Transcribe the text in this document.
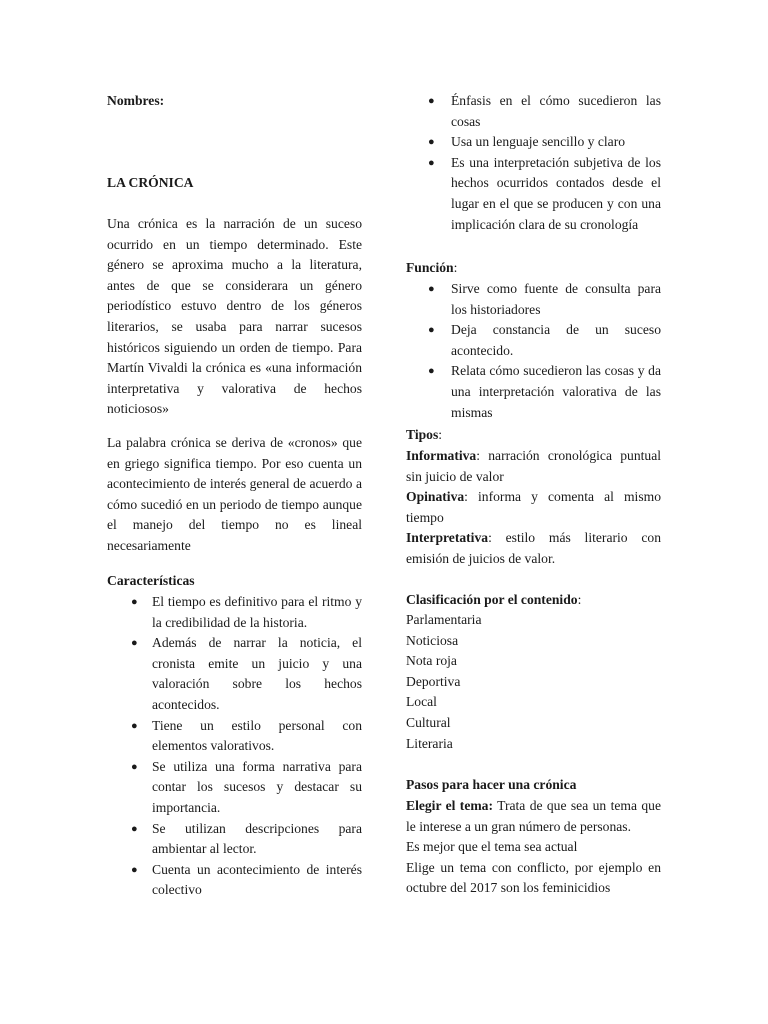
Nombres:
LA CRÓNICA

Una crónica es la narración de un suceso ocurrido en un tiempo determinado. Este género se aproxima mucho a la literatura, antes de que se considerara un género periodístico estuvo dentro de los géneros literarios, se usaba para narrar sucesos históricos siguiendo un orden de tiempo. Para Martín Vivaldi la crónica es «una información interpretativa y valorativa de hechos noticiosos»

La palabra crónica se deriva de «cronos» que en griego significa tiempo. Por eso cuenta un acontecimiento de interés general de acuerdo a cómo sucedió en un periodo de tiempo aunque el manejo del tiempo no es lineal necesariamente

Características
● El tiempo es definitivo para el ritmo y la credibilidad de la historia.
● Además de narrar la noticia, el cronista emite un juicio y una valoración sobre los hechos acontecidos.
● Tiene un estilo personal con elementos valorativos.
● Se utiliza una forma narrativa para contar los sucesos y destacar su importancia.
● Se utilizan descripciones para ambientar al lector.
● Cuenta un acontecimiento de interés colectivo
● Énfasis en el cómo sucedieron las cosas
● Usa un lenguaje sencillo y claro
● Es una interpretación subjetiva de los hechos ocurridos contados desde el lugar en el que se producen y con una implicación clara de su cronología
Función:
● Sirve como fuente de consulta para los historiadores
● Deja constancia de un suceso acontecido.
● Relata cómo sucedieron las cosas y da una interpretación valorativa de las mismas
Tipos:

Informativa: narración cronológica puntual sin juicio de valor

Opinativa: informa y comenta al mismo tiempo

Interpretativa: estilo más literario con emisión de juicios de valor.

Clasificación por el contenido:
Parlamentaria
Noticiosa
Nota roja
Deportiva
Local
Cultural
Literaria
Pasos para hacer una crónica

Elegir el tema: Trata de que sea un tema que le interese a un gran número de personas.

Es mejor que el tema sea actual

Elige un tema con conflicto, por ejemplo en octubre del 2017 son los feminicidios
